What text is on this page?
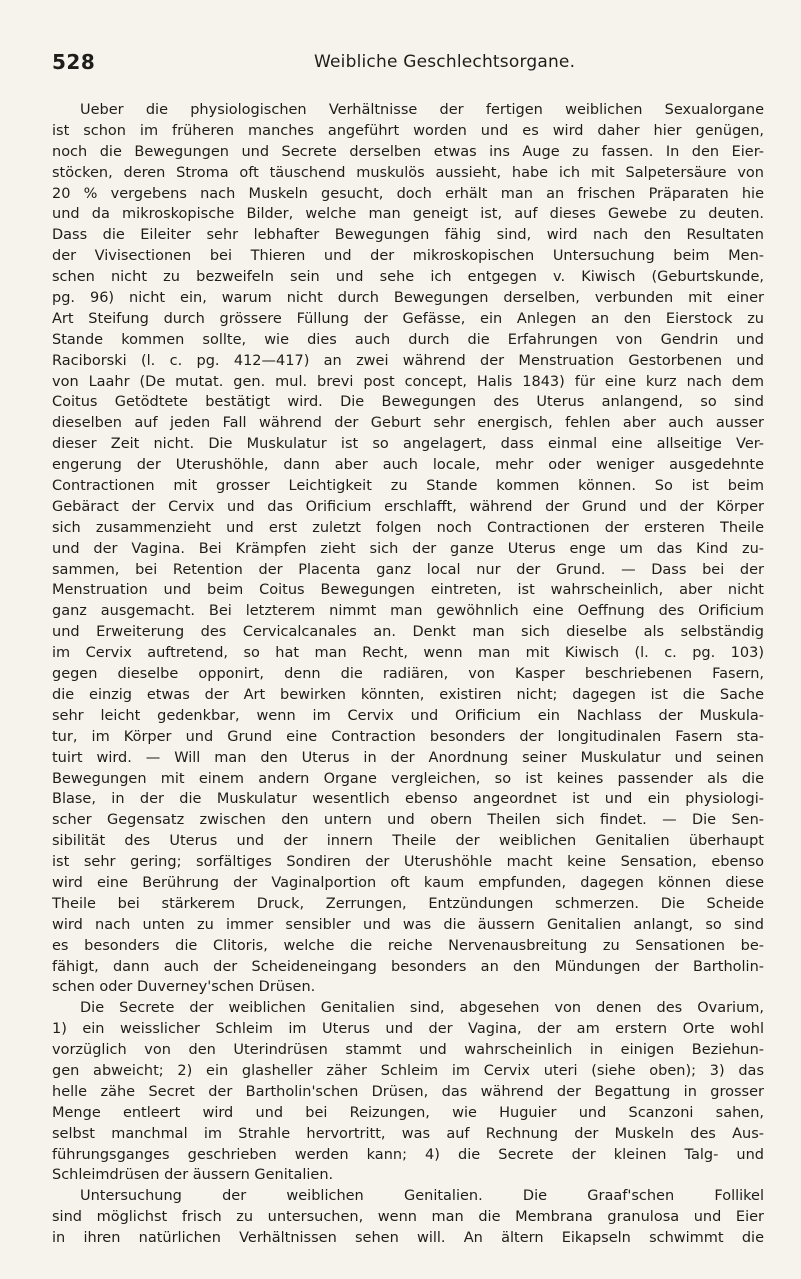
528	Weibliche Geschlechtsorgane.
Ueber die physiologischen Verhältnisse der fertigen weiblichen Sexualorgane
ist schon im früheren manches angeführt worden und es wird daher hier genügen,
noch die Bewegungen und Secrete derselben etwas ins Auge zu fassen. In den Eier-
stöcken, deren Stroma oft täuschend muskulös aussieht, habe ich mit Salpetersäure von
20 % vergebens nach Muskeln gesucht, doch erhält man an frischen Präparaten hie
und da mikroskopische Bilder, welche man geneigt ist, auf dieses Gewebe zu deuten.
Dass die Eileiter sehr lebhafter Bewegungen fähig sind, wird nach den Resultaten
der Vivisectionen bei Thieren und der mikroskopischen Untersuchung beim Men-
schen nicht zu bezweifeln sein und sehe ich entgegen v. Kiwisch (Geburtskunde,
pg. 96) nicht ein, warum nicht durch Bewegungen derselben, verbunden mit einer
Art Steifung durch grössere Füllung der Gefässe, ein Anlegen an den Eierstock zu
Stande kommen sollte, wie dies auch durch die Erfahrungen von Gendrin und
Raciborski (l. c. pg. 412—417) an zwei während der Menstruation Gestorbenen und
von Laahr (De mutat. gen. mul. brevi post concept, Halis 1843) für eine kurz nach dem
Coitus Getödtete bestätigt wird. Die Bewegungen des Uterus anlangend, so sind
dieselben auf jeden Fall während der Geburt sehr energisch, fehlen aber auch ausser
dieser Zeit nicht. Die Muskulatur ist so angelagert, dass einmal eine allseitige Ver-
engerung der Uterushöhle, dann aber auch locale, mehr oder weniger ausgedehnte
Contractionen mit grosser Leichtigkeit zu Stande kommen können. So ist beim
Gebäract der Cervix und das Orificium erschlafft, während der Grund und der Körper
sich zusammenzieht und erst zuletzt folgen noch Contractionen der ersteren Theile
und der Vagina. Bei Krämpfen zieht sich der ganze Uterus enge um das Kind zu-
sammen, bei Retention der Placenta ganz local nur der Grund. — Dass bei der
Menstruation und beim Coitus Bewegungen eintreten, ist wahrscheinlich, aber nicht
ganz ausgemacht. Bei letzterem nimmt man gewöhnlich eine Oeffnung des Orificium
und Erweiterung des Cervicalcanales an. Denkt man sich dieselbe als selbständig
im Cervix auftretend, so hat man Recht, wenn man mit Kiwisch (l. c. pg. 103)
gegen dieselbe opponirt, denn die radiären, von Kasper beschriebenen Fasern,
die einzig etwas der Art bewirken könnten, existiren nicht; dagegen ist die Sache
sehr leicht gedenkbar, wenn im Cervix und Orificium ein Nachlass der Muskula-
tur, im Körper und Grund eine Contraction besonders der longitudinalen Fasern sta-
tuirt wird. — Will man den Uterus in der Anordnung seiner Muskulatur und seinen
Bewegungen mit einem andern Organe vergleichen, so ist keines passender als die
Blase, in der die Muskulatur wesentlich ebenso angeordnet ist und ein physiologi-
scher Gegensatz zwischen den untern und obern Theilen sich findet. — Die Sen-
sibilität des Uterus und der innern Theile der weiblichen Genitalien überhaupt
ist sehr gering; sorfältiges Sondiren der Uterushöhle macht keine Sensation, ebenso
wird eine Berührung der Vaginalportion oft kaum empfunden, dagegen können diese
Theile bei stärkerem Druck, Zerrungen, Entzündungen schmerzen. Die Scheide
wird nach unten zu immer sensibler und was die äussern Genitalien anlangt, so sind
es besonders die Clitoris, welche die reiche Nervenausbreitung zu Sensationen be-
fähigt, dann auch der Scheideneingang besonders an den Mündungen der Bartholin-
schen oder Duverney'schen Drüsen.
Die Secrete der weiblichen Genitalien sind, abgesehen von denen des Ovarium,
1) ein weisslicher Schleim im Uterus und der Vagina, der am erstern Orte wohl
vorzüglich von den Uterindrüsen stammt und wahrscheinlich in einigen Beziehun-
gen abweicht; 2) ein glasheller zäher Schleim im Cervix uteri (siehe oben); 3) das
helle zähe Secret der Bartholin'schen Drüsen, das während der Begattung in grosser
Menge entleert wird und bei Reizungen, wie Huguier und Scanzoni sahen,
selbst manchmal im Strahle hervortritt, was auf Rechnung der Muskeln des Aus-
führungsganges geschrieben werden kann; 4) die Secrete der kleinen Talg- und
Schleimdrüsen der äussern Genitalien.
Untersuchung der weiblichen Genitalien. Die Graaf'schen Follikel
sind möglichst frisch zu untersuchen, wenn man die Membrana granulosa und Eier
in ihren natürlichen Verhältnissen sehen will. An ältern Eikapseln schwimmt die
